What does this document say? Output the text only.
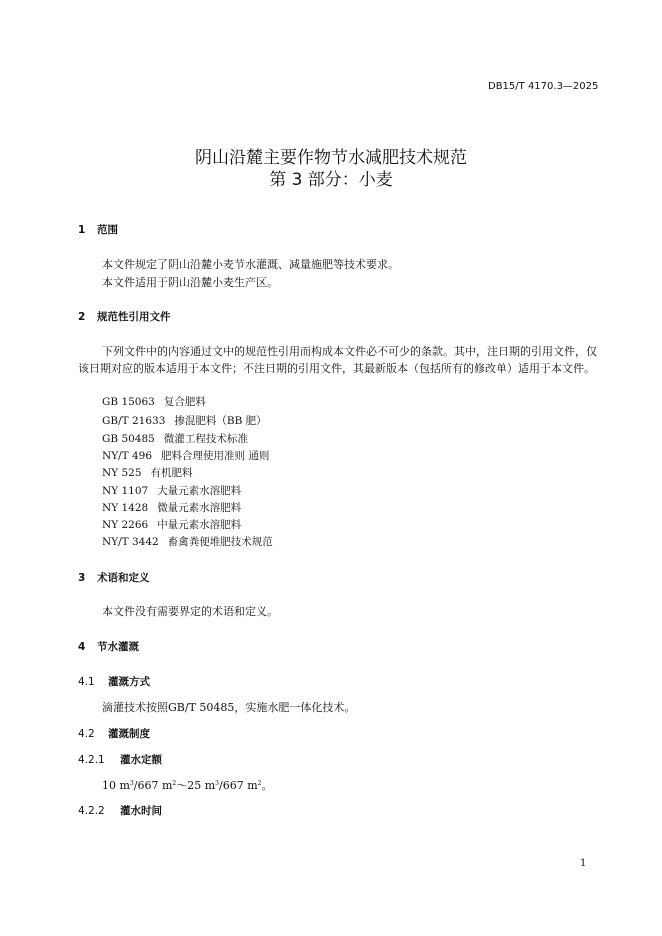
DB15/T 4170.3—2025
阴山沿麓主要作物节水减肥技术规范
第 3 部分：小麦
1 范围
本文件规定了阴山沿麓小麦节水灌溉、减量施肥等技术要求。
本文件适用于阴山沿麓小麦生产区。
2 规范性引用文件
下列文件中的内容通过文中的规范性引用而构成本文件必不可少的条款。其中，注日期的引用文件，仅该日期对应的版本适用于本文件；不注日期的引用文件，其最新版本（包括所有的修改单）适用于本文件。
GB 15063 复合肥料
GB/T 21633 掺混肥料（BB 肥）
GB 50485 微灌工程技术标准
NY/T 496 肥料合理使用准则 通则
NY 525 有机肥料
NY 1107 大量元素水溶肥料
NY 1428 微量元素水溶肥料
NY 2266 中量元素水溶肥料
NY/T 3442 畜禽粪便堆肥技术规范
3 术语和定义
本文件没有需要界定的术语和定义。
4 节水灌溉
4.1 灌溉方式
滴灌技术按照GB/T 50485，实施水肥一体化技术。
4.2 灌溉制度
4.2.1 灌水定额
10 $m^3/667$ $m^2\sim 25$ $m^3/667$ $m^2$。
4.2.2 灌水时间
1
